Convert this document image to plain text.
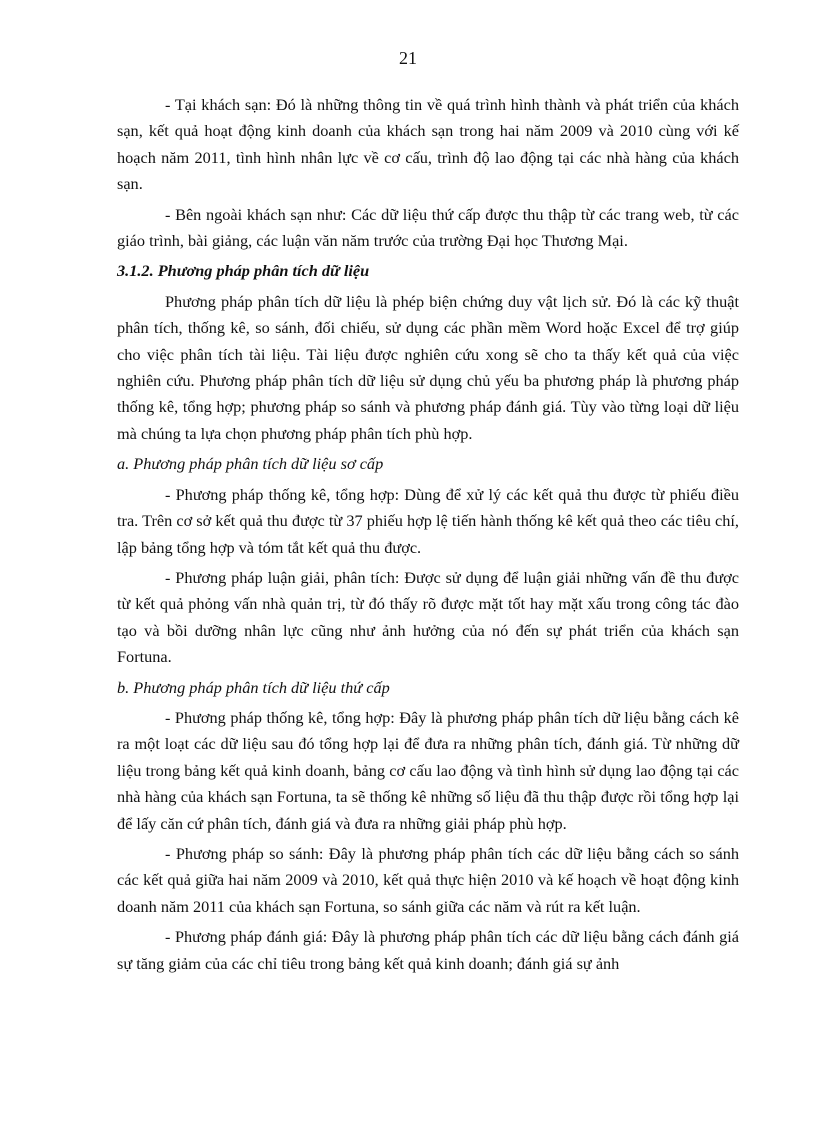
21

- Tại khách sạn: Đó là những thông tin về quá trình hình thành và phát triển của khách sạn, kết quả hoạt động kinh doanh của khách sạn trong hai năm 2009 và 2010 cùng với kế hoạch năm 2011, tình hình nhân lực về cơ cấu, trình độ lao động tại các nhà hàng của khách sạn.

- Bên ngoài khách sạn như: Các dữ liệu thứ cấp được thu thập từ các trang web, từ các giáo trình, bài giảng, các luận văn năm trước của trường Đại học Thương Mại.

3.1.2. Phương pháp phân tích dữ liệu

Phương pháp phân tích dữ liệu là phép biện chứng duy vật lịch sử. Đó là các kỹ thuật phân tích, thống kê, so sánh, đối chiếu, sử dụng các phần mềm Word hoặc Excel để trợ giúp cho việc phân tích tài liệu. Tài liệu được nghiên cứu xong sẽ cho ta thấy kết quả của việc nghiên cứu. Phương pháp phân tích dữ liệu sử dụng chủ yếu ba phương pháp là phương pháp thống kê, tổng hợp; phương pháp so sánh và phương pháp đánh giá. Tùy vào từng loại dữ liệu mà chúng ta lựa chọn phương pháp phân tích phù hợp.

a. Phương pháp phân tích dữ liệu sơ cấp

- Phương pháp thống kê, tổng hợp: Dùng để xử lý các kết quả thu được từ phiếu điều tra. Trên cơ sở kết quả thu được từ 37 phiếu hợp lệ tiến hành thống kê kết quả theo các tiêu chí, lập bảng tổng hợp và tóm tắt kết quả thu được.

- Phương pháp luận giải, phân tích: Được sử dụng để luận giải những vấn đề thu được từ kết quả phỏng vấn nhà quản trị, từ đó thấy rõ được mặt tốt hay mặt xấu trong công tác đào tạo và bồi dưỡng nhân lực cũng như ảnh hưởng của nó đến sự phát triển của khách sạn Fortuna.

b. Phương pháp phân tích dữ liệu thứ cấp

- Phương pháp thống kê, tổng hợp: Đây là phương pháp phân tích dữ liệu bằng cách kê ra một loạt các dữ liệu sau đó tổng hợp lại để đưa ra những phân tích, đánh giá. Từ những dữ liệu trong bảng kết quả kinh doanh, bảng cơ cấu lao động và tình hình sử dụng lao động tại các nhà hàng của khách sạn Fortuna, ta sẽ thống kê những số liệu đã thu thập được rồi tổng hợp lại để lấy căn cứ phân tích, đánh giá và đưa ra những giải pháp phù hợp.

- Phương pháp so sánh: Đây là phương pháp phân tích các dữ liệu bằng cách so sánh các kết quả giữa hai năm 2009 và 2010, kết quả thực hiện 2010 và kế hoạch về hoạt động kinh doanh năm 2011 của khách sạn Fortuna, so sánh giữa các năm và rút ra kết luận.

- Phương pháp đánh giá: Đây là phương pháp phân tích các dữ liệu bằng cách đánh giá sự tăng giảm của các chỉ tiêu trong bảng kết quả kinh doanh; đánh giá sự ảnh
